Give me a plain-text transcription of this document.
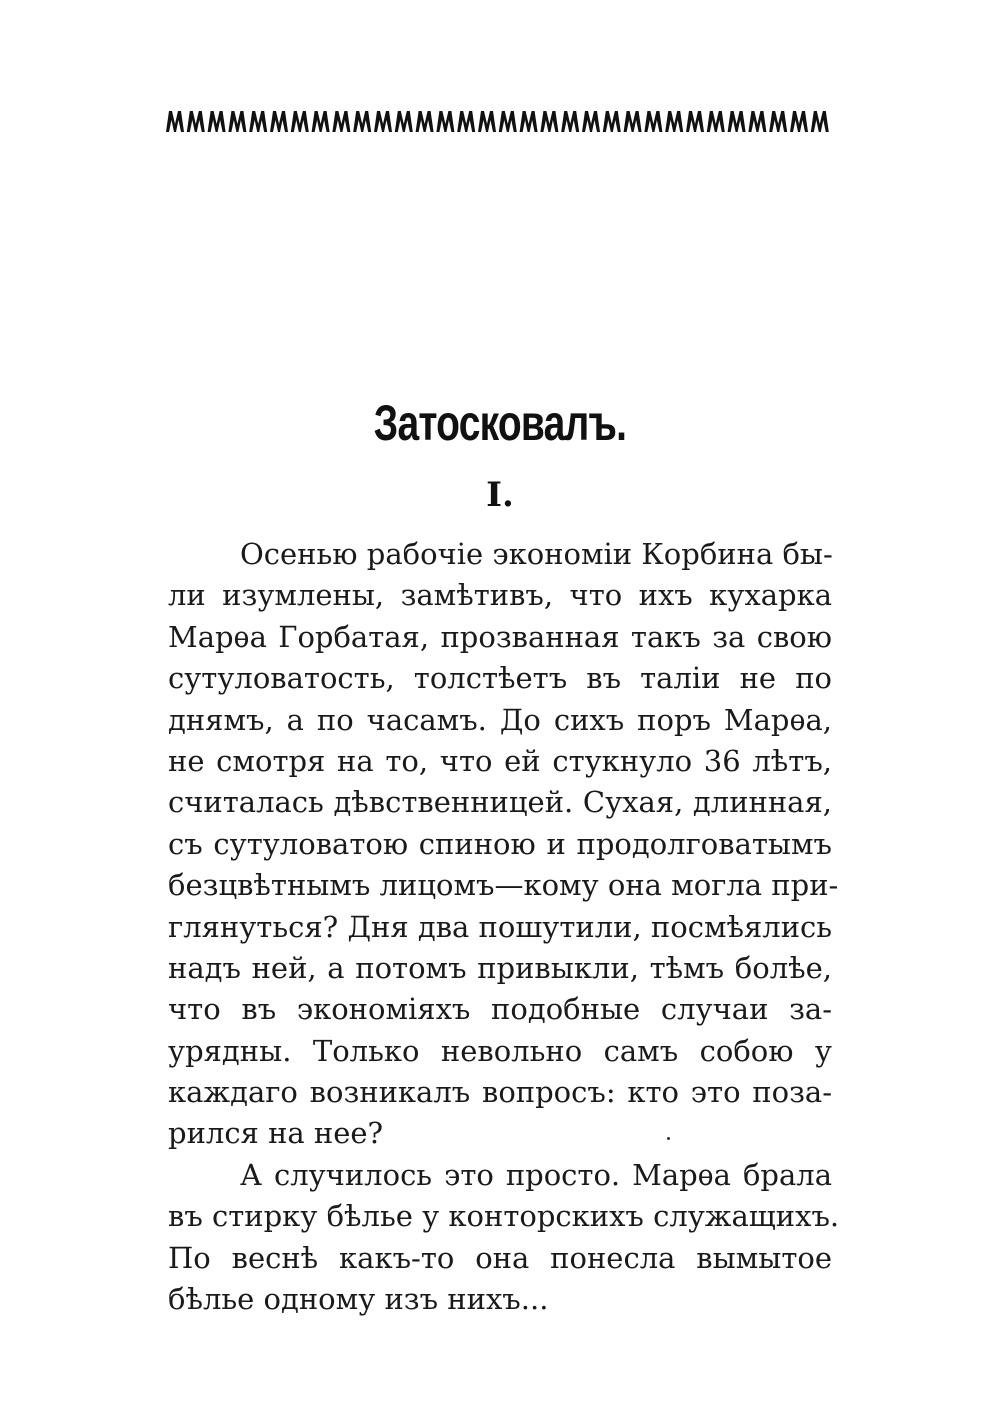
Затосковалъ.
I.
Осенью рабочіе экономіи Корбина бы-
ли изумлены, замѣтивъ, что ихъ кухарка
Марѳа Горбатая, прозванная такъ за свою
сутуловатость, толстѣетъ въ таліи не по
днямъ, а по часамъ. До сихъ поръ Марѳа,
не смотря на то, что ей стукнуло 36 лѣтъ,
считалась дѣвственницей. Сухая, длинная,
съ сутуловатою спиною и продолговатымъ
безцвѣтнымъ лицомъ—кому она могла при-
глянуться? Дня два пошутили, посмѣялись
надъ ней, а потомъ привыкли, тѣмъ болѣе,
что въ экономіяхъ подобные случаи за-
урядны. Только невольно самъ собою у
каждаго возникалъ вопросъ: кто это поза-
рился на нее?
А случилось это просто. Марѳа брала
въ стирку бѣлье у конторскихъ служащихъ.
По веснѣ какъ-то она понесла вымытое
бѣлье одному изъ нихъ...
